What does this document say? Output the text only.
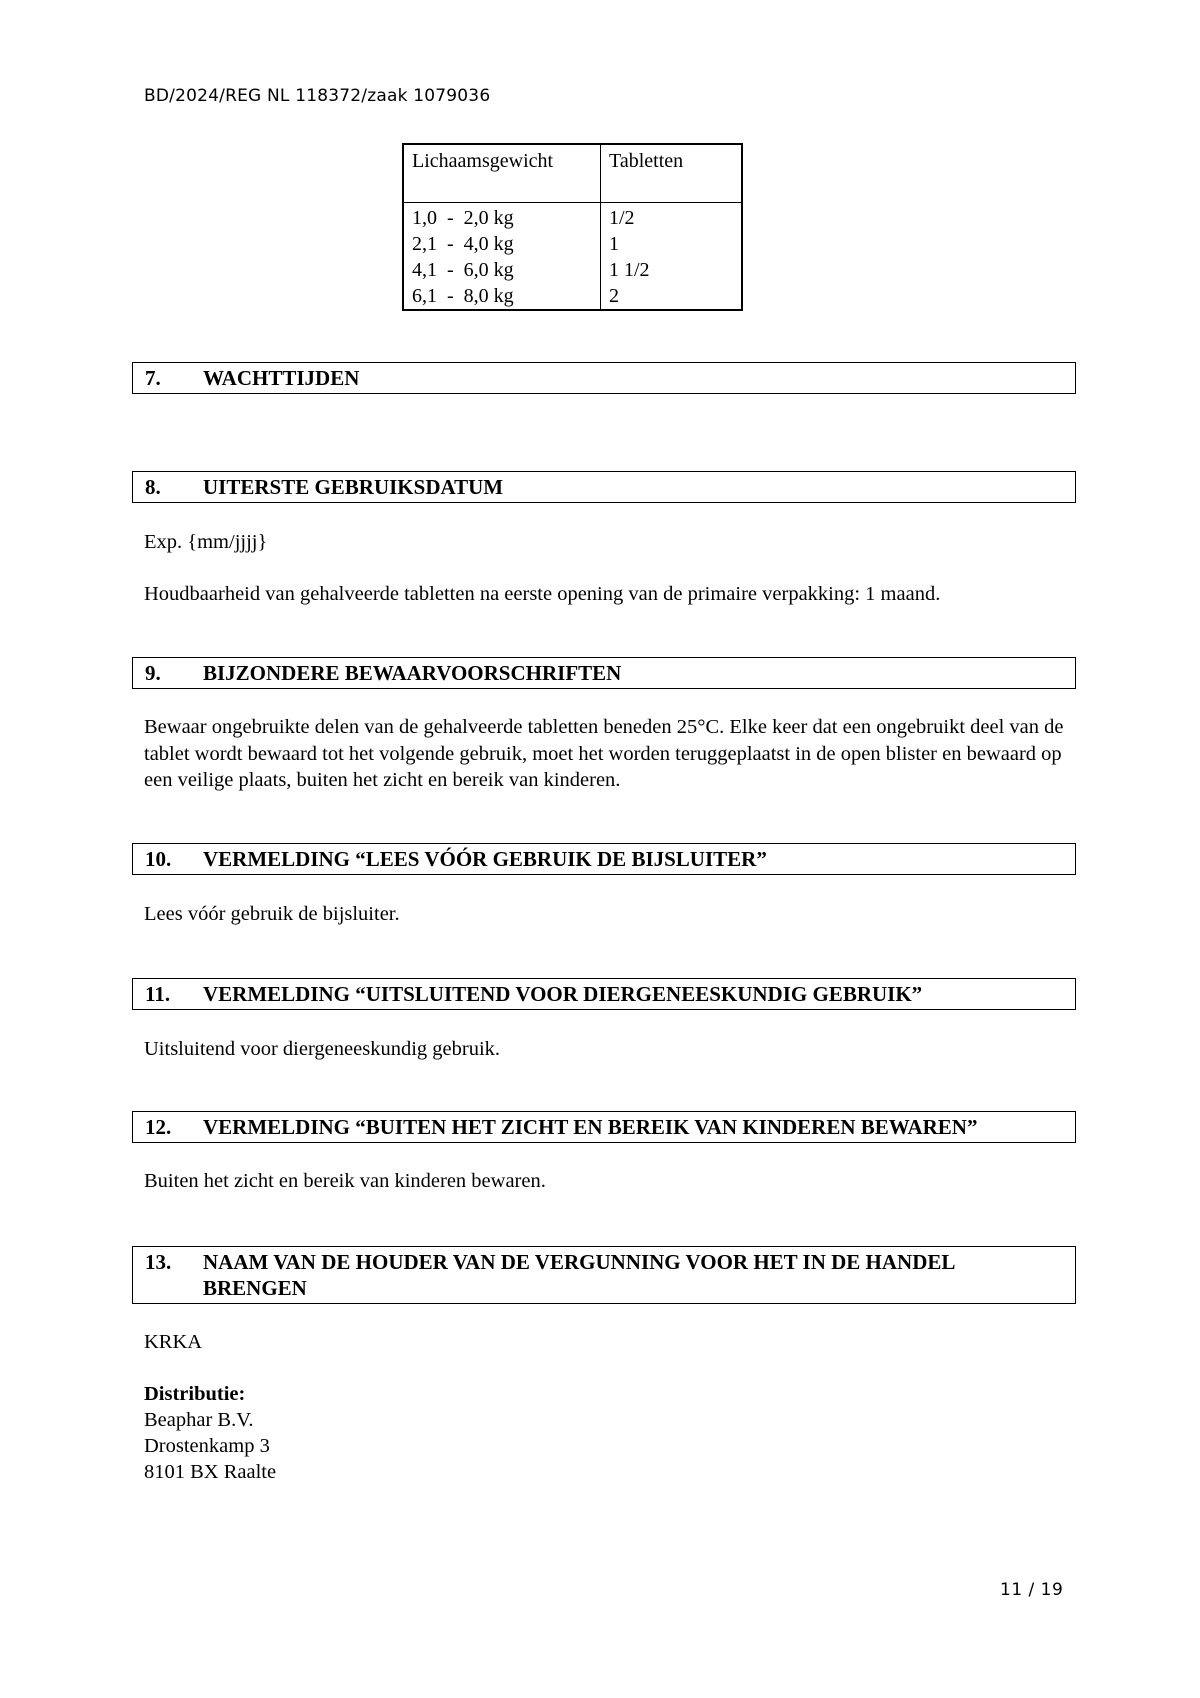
BD/2024/REG NL 118372/zaak 1079036
Lichaamsgewicht	Tabletten
1,0  -  2,0 kg	1/2
2,1  -  4,0 kg	1
4,1  -  6,0 kg	1 1/2
6,1  -  8,0 kg	2
7.	WACHTTIJDEN
8.	UITERSTE GEBRUIKSDATUM
Exp. {mm/jjjj}
Houdbaarheid van gehalveerde tabletten na eerste opening van de primaire verpakking: 1 maand.
9.	BIJZONDERE BEWAARVOORSCHRIFTEN
Bewaar ongebruikte delen van de gehalveerde tabletten beneden 25°C. Elke keer dat een ongebruikt deel van de tablet wordt bewaard tot het volgende gebruik, moet het worden teruggeplaatst in de open blister en bewaard op een veilige plaats, buiten het zicht en bereik van kinderen.
10.	VERMELDING “LEES VÓÓR GEBRUIK DE BIJSLUITER”
Lees vóór gebruik de bijsluiter.
11.	VERMELDING “UITSLUITEND VOOR DIERGENEESKUNDIG GEBRUIK”
Uitsluitend voor diergeneeskundig gebruik.
12.	VERMELDING “BUITEN HET ZICHT EN BEREIK VAN KINDEREN BEWAREN”
Buiten het zicht en bereik van kinderen bewaren.
13.	NAAM VAN DE HOUDER VAN DE VERGUNNING VOOR HET IN DE HANDEL BRENGEN
KRKA
Distributie:
Beaphar B.V.
Drostenkamp 3
8101 BX Raalte
11 / 19
